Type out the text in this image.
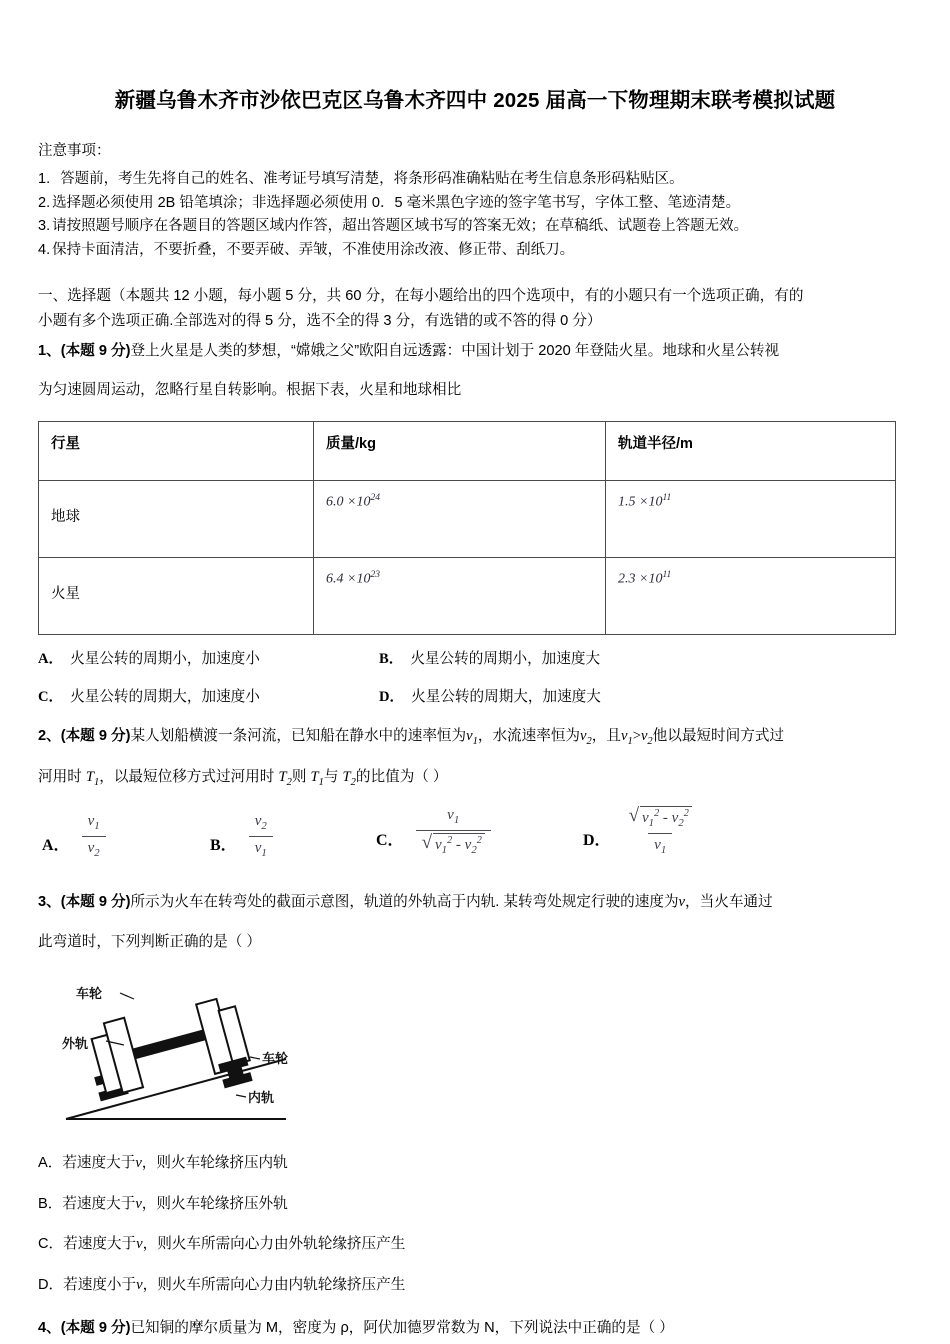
新疆乌鲁木齐市沙依巴克区乌鲁木齐四中 2025 届高一下物理期末联考模拟试题

注意事项：

1. 答题前，考生先将自己的姓名、准考证号填写清楚，将条形码准确粘贴在考生信息条形码粘贴区。

2. 选择题必须使用 2B 铅笔填涂；非选择题必须使用 0．5 毫米黑色字迹的签字笔书写，字体工整、笔迹清楚。

3. 请按照题号顺序在各题目的答题区域内作答，超出答题区域书写的答案无效；在草稿纸、试题卷上答题无效。

4. 保持卡面清洁，不要折叠，不要弄破、弄皱，不准使用涂改液、修正带、刮纸刀。

一、选择题（本题共 12 小题，每小题 5 分，共 60 分，在每小题给出的四个选项中，有的小题只有一个选项正确，有的
小题有多个选项正确.全部选对的得 5 分，选不全的得 3 分，有选错的或不答的得 0 分）
1、(本题 9 分)登上火星是人类的梦想，“嫦娥之父”欧阳自远透露：中国计划于 2020 年登陆火星。地球和火星公转视
为匀速圆周运动，忽略行星自转影响。根据下表，火星和地球相比
行星	质量/kg	轨道半径/m
地球	$6.0 \times 10^{24}$	$1.5 \times 10^{11}$
火星	$6.4 \times 10^{23}$	$2.3 \times 10^{11}$
A． 火星公转的周期小，加速度小	B． 火星公转的周期小，加速度大
C． 火星公转的周期大，加速度小	D． 火星公转的周期大，加速度大
2、(本题 9 分)某人划船横渡一条河流，已知船在静水中的速率恒为$v_1$，水流速率恒为$v_2$，且$v_1>v_2$他以最短时间方式过
河用时 $T_1$，以最短位移方式过河用时 $T_2$则 $T_1$与 $T_2$的比值为（ ）
A． $\frac{v_1}{v_2}$	B． $\frac{v_2}{v_1}$	C． $\frac{v_1}{√ v_1^2 - v_2^2}$	D． $\frac{√ v_1^2 - v_2^2}{v_1}$
3、(本题 9 分)所示为火车在转弯处的截面示意图，轨道的外轨高于内轨. 某转弯处规定行驶的速度为v，当火车通过
此弯道时，下列判断正确的是（ ）
车轮
外轨
车轮
内轨
A．若速度大于v，则火车轮缘挤压内轨
B．若速度大于v，则火车轮缘挤压外轨
C．若速度大于v，则火车所需向心力由外轨轮缘挤压产生
D．若速度小于v，则火车所需向心力由内轨轮缘挤压产生
4、(本题 9 分)已知铜的摩尔质量为 M，密度为 ρ，阿伏加德罗常数为 N，下列说法中正确的是（ ）
